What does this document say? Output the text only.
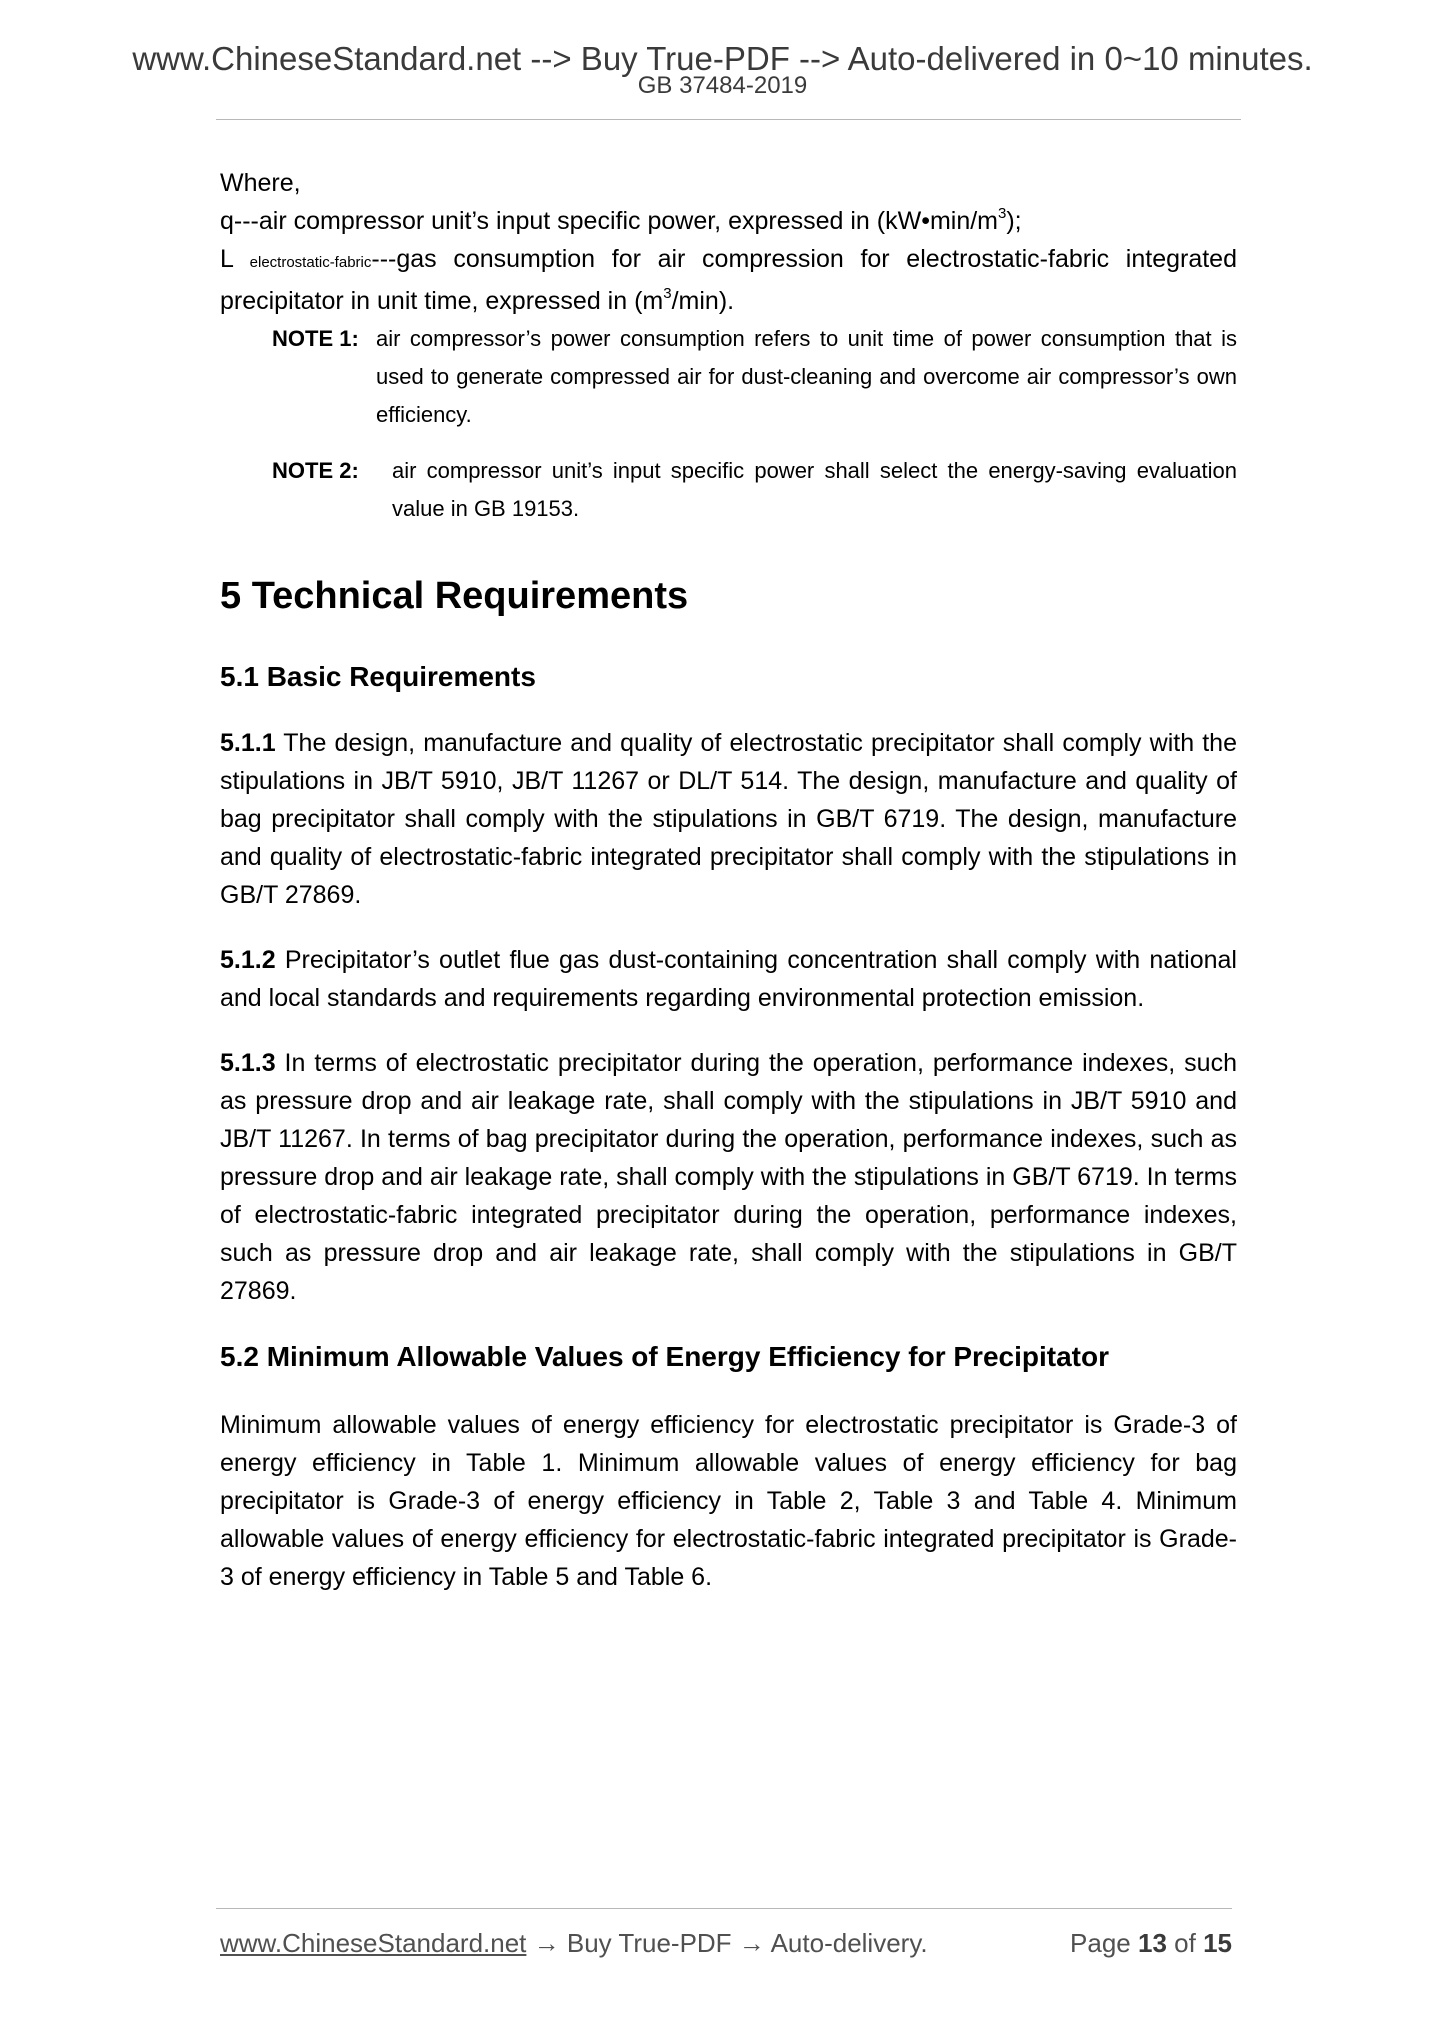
www.ChineseStandard.net --> Buy True-PDF --> Auto-delivered in 0~10 minutes.
GB 37484-2019

Where,

q---air compressor unit’s input specific power, expressed in $(kW•\min/m^3)$;

L electrostatic-fabric---gas consumption for air compression for electrostatic-fabric integrated precipitator in unit time, expressed in $(m^3/\min)$.

NOTE 1: air compressor’s power consumption refers to unit time of power consumption that is used to generate compressed air for dust-cleaning and overcome air compressor’s own efficiency.
NOTE 2:	air compressor unit’s input specific power shall select the energy-saving evaluation value in GB 19153.
5 Technical Requirements
5.1 Basic Requirements

5.1.1 The design, manufacture and quality of electrostatic precipitator shall comply with the stipulations in JB/T 5910, JB/T 11267 or DL/T 514. The design, manufacture and quality of bag precipitator shall comply with the stipulations in GB/T 6719. The design, manufacture and quality of electrostatic-fabric integrated precipitator shall comply with the stipulations in GB/T 27869.

5.1.2 Precipitator’s outlet flue gas dust-containing concentration shall comply with national and local standards and requirements regarding environmental protection emission.

5.1.3 In terms of electrostatic precipitator during the operation, performance indexes, such as pressure drop and air leakage rate, shall comply with the stipulations in JB/T 5910 and JB/T 11267. In terms of bag precipitator during the operation, performance indexes, such as pressure drop and air leakage rate, shall comply with the stipulations in GB/T 6719. In terms of electrostatic-fabric integrated precipitator during the operation, performance indexes, such as pressure drop and air leakage rate, shall comply with the stipulations in GB/T 27869.

5.2 Minimum Allowable Values of Energy Efficiency for Precipitator

Minimum allowable values of energy efficiency for electrostatic precipitator is Grade-3 of energy efficiency in Table 1. Minimum allowable values of energy efficiency for bag precipitator is Grade-3 of energy efficiency in Table 2, Table 3 and Table 4. Minimum allowable values of energy efficiency for electrostatic-fabric integrated precipitator is Grade-3 of energy efficiency in Table 5 and Table 6.

www.ChineseStandard.net → Buy True-PDF → Auto-delivery.	Page 13 of 15
